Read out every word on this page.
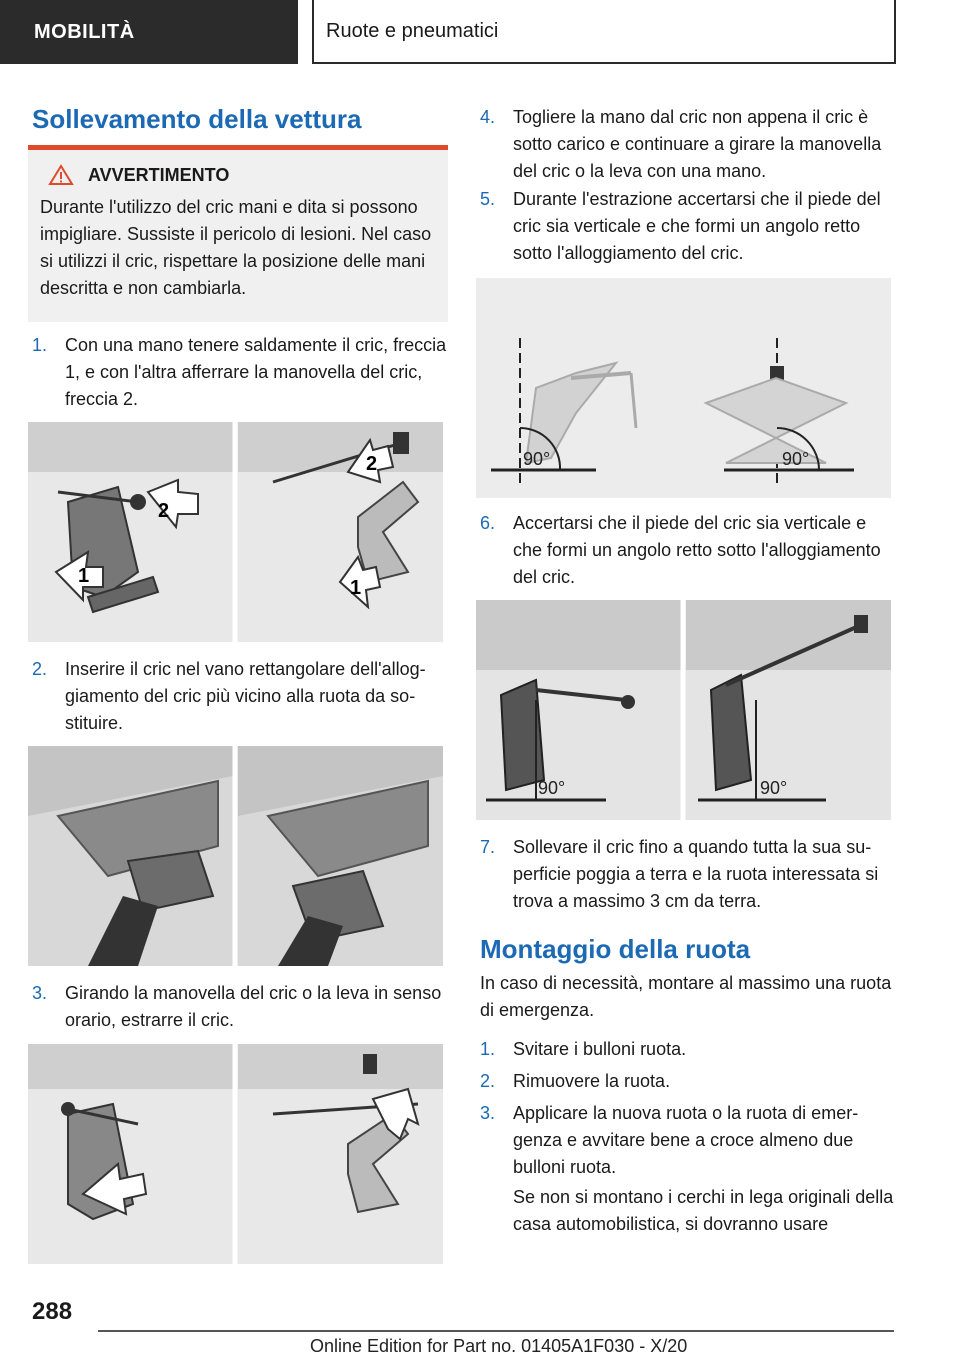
MOBILITÀ	Ruote e pneumatici
Sollevamento della vettura
AVVERTIMENTO
Durante l'utilizzo del cric mani e dita si possono impigliare. Sussiste il pericolo di lesioni. Nel caso si utilizzi il cric, rispettare la posizione delle mani descritta e non cambiarla.
1. Con una mano tenere saldamente il cric, freccia 1, e con l'altra afferrare la manovella del cric, freccia 2.
1
2
2
1
2. Inserire il cric nel vano rettangolare dell'alloggiamento del cric più vicino alla ruota da sostituire.
3. Girando la manovella del cric o la leva in senso orario, estrarre il cric.
4. Togliere la mano dal cric non appena il cric è sotto carico e continuare a girare la manovella del cric o la leva con una mano.
5. Durante l'estrazione accertarsi che il piede del cric sia verticale e che formi un angolo retto sotto l'alloggiamento del cric.
90°	90°
6. Accertarsi che il piede del cric sia verticale e che formi un angolo retto sotto l'alloggiamento del cric.
90°	90°
7. Sollevare il cric fino a quando tutta la sua superficie poggia a terra e la ruota interessata si trova a massimo 3 cm da terra.
Montaggio della ruota
In caso di necessità, montare al massimo una ruota di emergenza.
1. Svitare i bulloni ruota.
2. Rimuovere la ruota.
3. Applicare la nuova ruota o la ruota di emergenza e avvitare bene a croce almeno due bulloni ruota.
Se non si montano i cerchi in lega originali della casa automobilistica, si dovranno usare
288
Online Edition for Part no. 01405A1F030 - X/20
